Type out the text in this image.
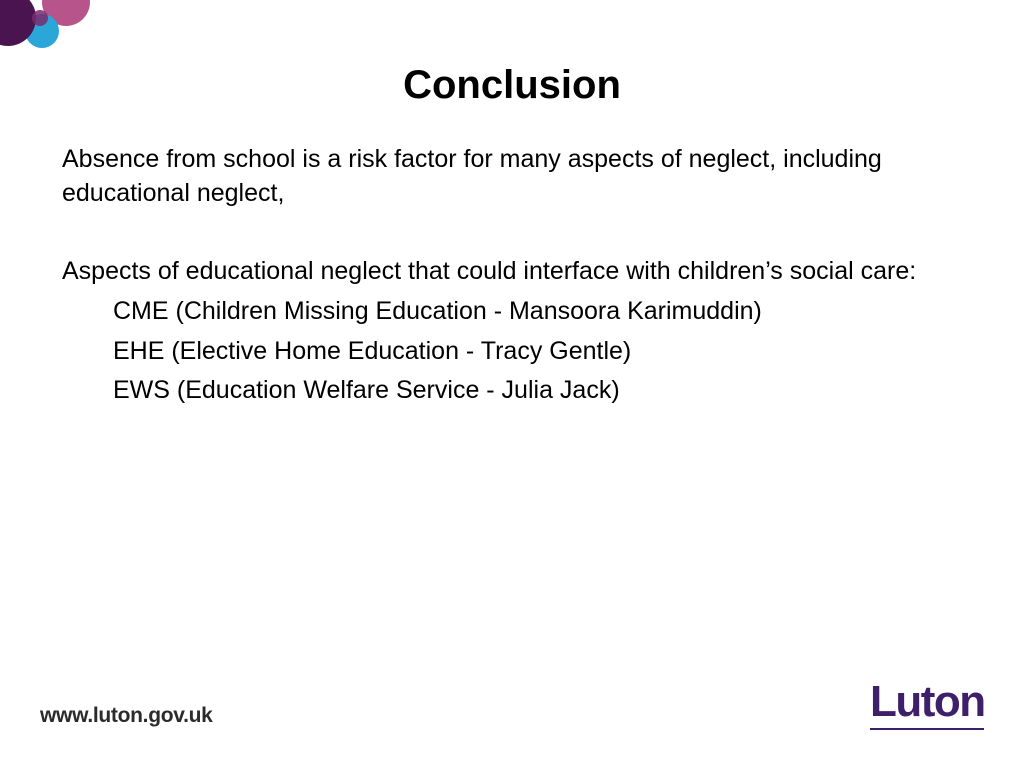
Conclusion

Absence from school is a risk factor for many aspects of neglect, including educational neglect,

Aspects of educational neglect that could interface with children’s social care:

CME (Children Missing Education - Mansoora Karimuddin)
EHE (Elective Home Education - Tracy Gentle)
EWS (Education Welfare Service - Julia Jack)
www.luton.gov.uk	Luton
